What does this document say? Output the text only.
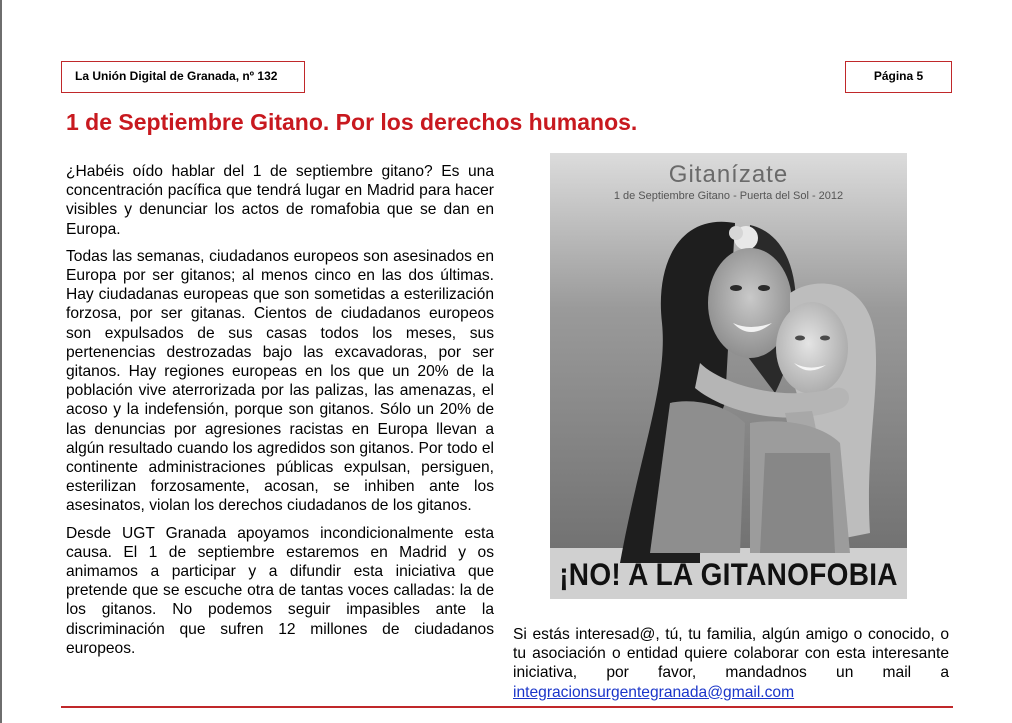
La Unión Digital de Granada, nº 132	Página 5
1 de Septiembre Gitano. Por los derechos humanos.

¿Habéis oído hablar del 1 de septiembre gitano? Es una concentración pacífica que tendrá lugar en Madrid para hacer visibles y denunciar los actos de romafobia que se dan en Europa.

Todas las semanas, ciudadanos europeos son asesinados en Europa por ser gitanos; al menos cinco en las dos últimas. Hay ciudadanas europeas que son sometidas a esterilización forzosa, por ser gitanas. Cientos de ciudadanos europeos son expulsados de sus casas todos los meses, sus pertenencias destrozadas bajo las excavadoras, por ser gitanos. Hay regiones europeas en los que un 20% de la población vive aterrorizada por las palizas, las amenazas, el acoso y la indefensión, porque son gitanos. Sólo un 20% de las denuncias por agresiones racistas en Europa llevan a algún resultado cuando los agredidos son gitanos. Por todo el continente administraciones públicas expulsan, persiguen, esterilizan forzosamente, acosan, se inhiben ante los asesinatos, violan los derechos ciudadanos de los gitanos.

Desde UGT Granada apoyamos incondicionalmente esta causa. El 1 de septiembre estaremos en Madrid y os animamos a participar y a difundir esta iniciativa que pretende que se escuche otra de tantas voces calladas: la de los gitanos. No podemos seguir impasibles ante la discriminación que sufren 12 millones de ciudadanos europeos.

Gitanízate
1 de Septiembre Gitano - Puerta del Sol - 2012
¡NO! A LA GITANOFOBIA

Si estás interesad@, tú, tu familia, algún amigo o conocido, o tu asociación o entidad quiere colaborar con esta interesante iniciativa, por favor, mandadnos un mail a integracionsurgentegranada@gmail.com
